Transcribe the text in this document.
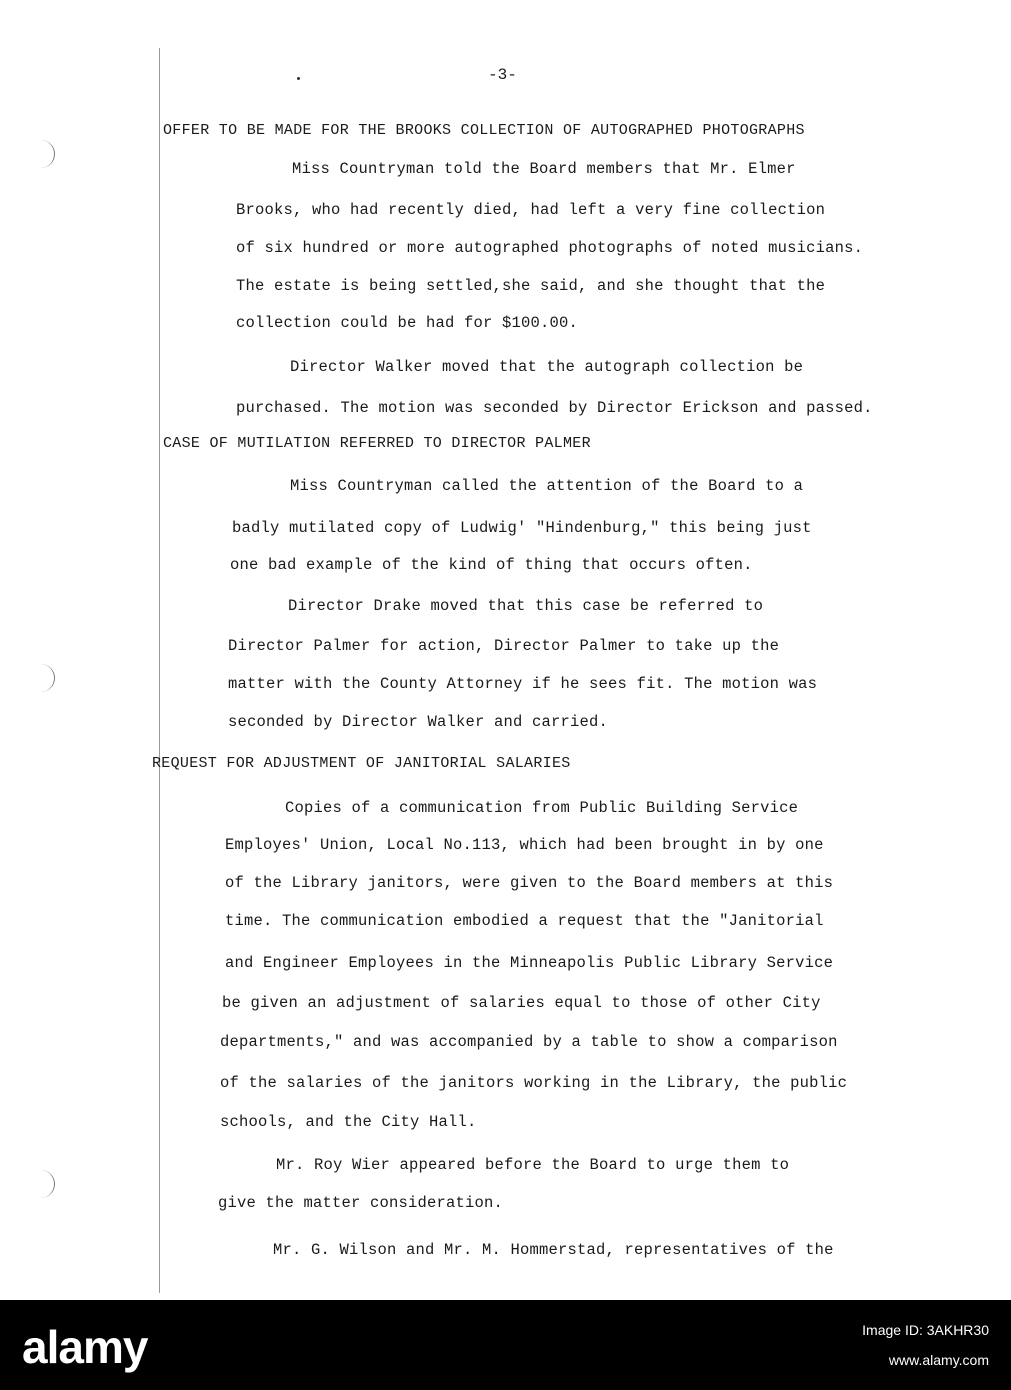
-3-
OFFER TO BE MADE FOR THE BROOKS COLLECTION OF AUTOGRAPHED PHOTOGRAPHS
Miss Countryman told the Board members that Mr. Elmer
Brooks, who had recently died, had left a very fine collection
of six hundred or more autographed photographs of noted musicians.
The estate is being settled,she said, and she thought that the
collection could be had for $100.00.
Director Walker moved that the autograph collection be
purchased. The motion was seconded by Director Erickson and passed.
CASE OF MUTILATION REFERRED TO DIRECTOR PALMER
Miss Countryman called the attention of the Board to a
badly mutilated copy of Ludwig' "Hindenburg," this being just
one bad example of the kind of thing that occurs often.
Director Drake moved that this case be referred to
Director Palmer for action, Director Palmer to take up the
matter with the County Attorney if he sees fit. The motion was
seconded by Director Walker and carried.
REQUEST FOR ADJUSTMENT OF JANITORIAL SALARIES
Copies of a communication from Public Building Service
Employes' Union, Local No.113, which had been brought in by one
of the Library janitors, were given to the Board members at this
time. The communication embodied a request that the "Janitorial
and Engineer Employees in the Minneapolis Public Library Service
be given an adjustment of salaries equal to those of other City
departments," and was accompanied by a table to show a comparison
of the salaries of the janitors working in the Library, the public
schools, and the City Hall.
Mr. Roy Wier appeared before the Board to urge them to
give the matter consideration.
Mr. G. Wilson and Mr. M. Hommerstad, representatives of the
alamy	Image ID: 3AKHR30
www.alamy.com
